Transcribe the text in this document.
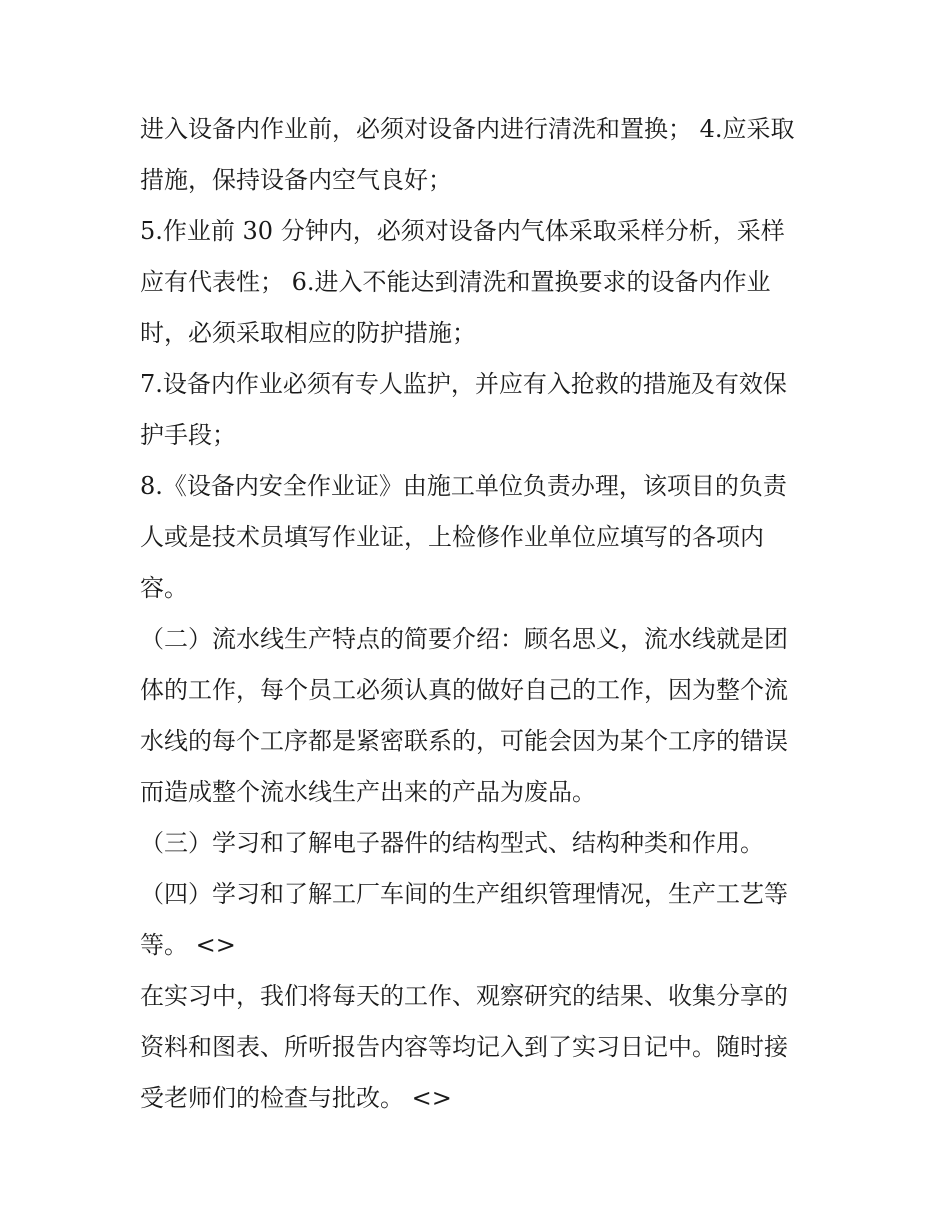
进入设备内作业前，必须对设备内进行清洗和置换； 4.应采取
措施，保持设备内空气良好；
5.作业前 30 分钟内，必须对设备内气体采取采样分析，采样
应有代表性； 6.进入不能达到清洗和置换要求的设备内作业
时，必须采取相应的防护措施；
7.设备内作业必须有专人监护，并应有入抢救的措施及有效保
护手段；
8.《设备内安全作业证》由施工单位负责办理，该项目的负责
人或是技术员填写作业证，上检修作业单位应填写的各项内
容。
（二）流水线生产特点的简要介绍：顾名思义，流水线就是团
体的工作，每个员工必须认真的做好自己的工作，因为整个流
水线的每个工序都是紧密联系的，可能会因为某个工序的错误
而造成整个流水线生产出来的产品为废品。
（三）学习和了解电子器件的结构型式、结构种类和作用。
（四）学习和了解工厂车间的生产组织管理情况，生产工艺等
等。 <>
在实习中，我们将每天的工作、观察研究的结果、收集分享的
资料和图表、所听报告内容等均记入到了实习日记中。随时接
受老师们的检查与批改。 <>
